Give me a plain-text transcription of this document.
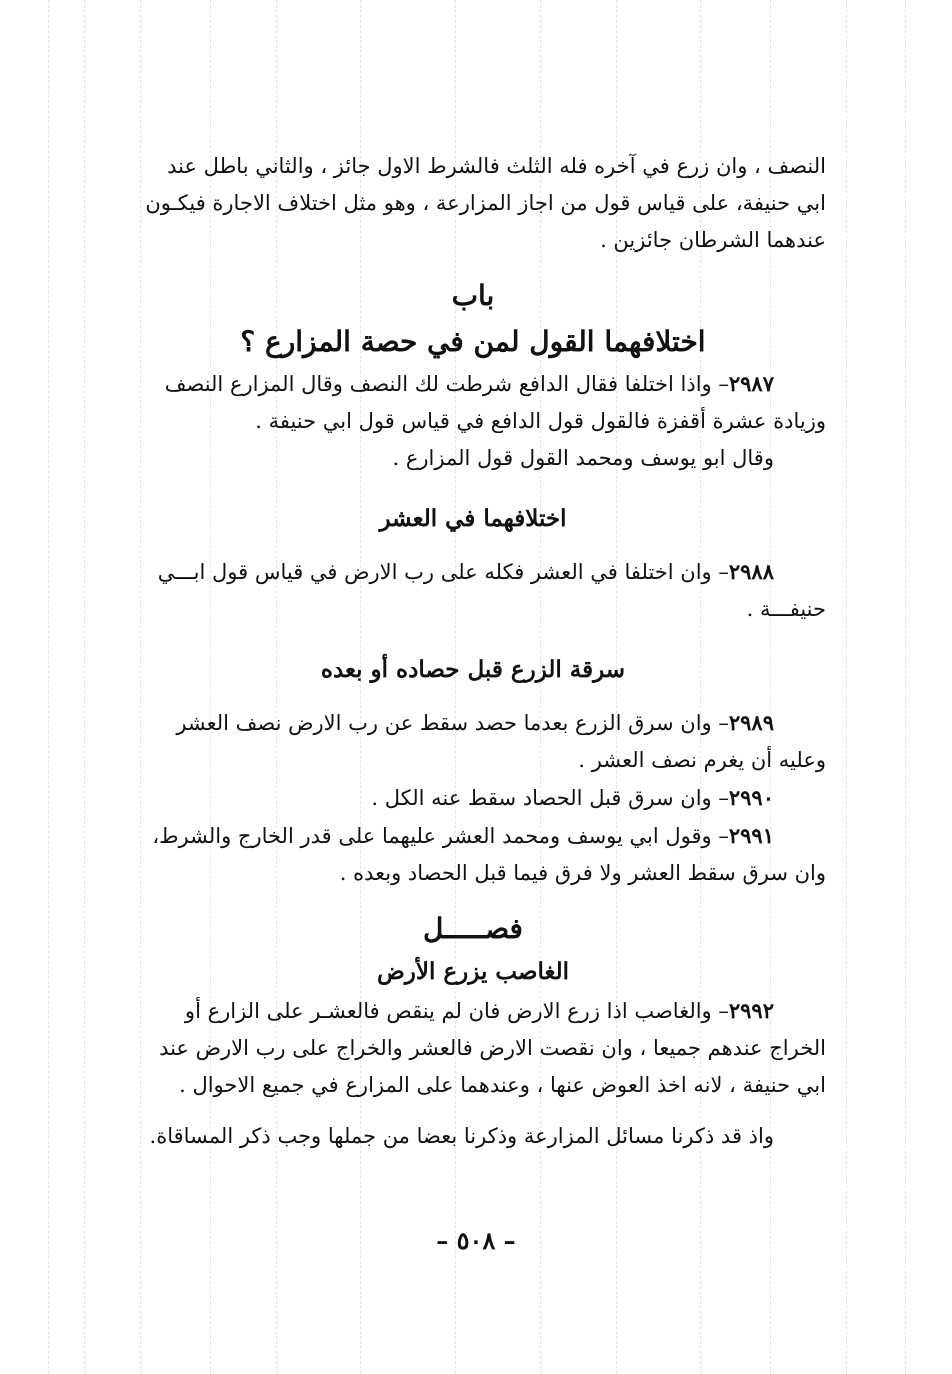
النصف ، وان زرع في آخره فله الثلث فالشرط الاول جائز ، والثاني باطل عند
ابي حنيفة، على قياس قول من اجاز المزارعة ، وهو مثل اختلاف الاجارة فيكـون
عندهما الشرطان جائزين .
باب
اختلافهما القول لمن في حصة المزارع ؟
٢٩٨٧– واذا اختلفا فقال الدافع شرطت لك النصف وقال المزارع النصف
وزيادة عشرة أقفزة فالقول قول الدافع في قياس قول ابي حنيفة .
وقال ابو يوسف ومحمد القول قول المزارع .
اختلافهما في العشر
٢٩٨٨– وان اختلفا في العشر فكله على رب الارض في قياس قول ابـــي
حنيفـــة .
سرقة الزرع قبل حصاده أو بعده
٢٩٨٩– وان سرق الزرع بعدما حصد سقط عن رب الارض نصف العشر
وعليه أن يغرم نصف العشر .
٢٩٩٠– وان سرق قبل الحصاد سقط عنه الكل .
٢٩٩١– وقول ابي يوسف ومحمد العشر عليهما على قدر الخارج والشرط،
وان سرق سقط العشر ولا فرق فيما قبل الحصاد وبعده .
فصـــــل
الغاصب يزرع الأرض
٢٩٩٢– والغاصب اذا زرع الارض فان لم ينقص فالعشـر على الزارع أو
الخراج عندهم جميعا ، وان نقصت الارض فالعشر والخراج على رب الارض عند
ابي حنيفة ، لانه اخذ العوض عنها ، وعندهما على المزارع في جميع الاحوال .
واذ قد ذكرنا مسائل المزارعة وذكرنا بعضا من جملها وجب ذكر المساقاة.
– ٥٠٨ –
